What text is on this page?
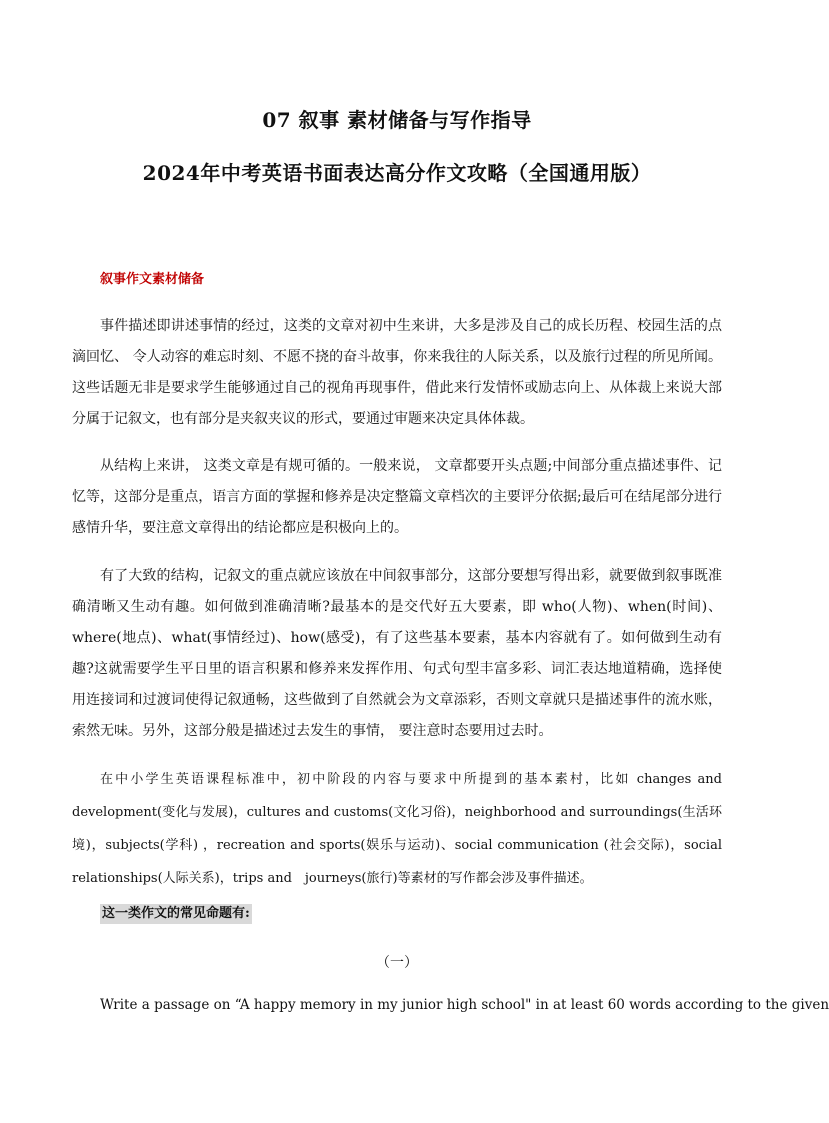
07 叙事 素材储备与写作指导
2024年中考英语书面表达高分作文攻略（全国通用版）
叙事作文素材储备

事件描述即讲述事情的经过，这类的文章对初中生来讲，大多是涉及自己的成长历程、校园生活的点滴回忆、 令人动容的难忘时刻、不愿不挠的奋斗故事，你来我往的人际关系，以及旅行过程的所见所闻。这些话题无非是要求学生能够通过自己的视角再现事件，借此来行发情怀或励志向上、从体裁上来说大部分属于记叙文，也有部分是夹叙夹议的形式，要通过审题来决定具体体裁。

从结构上来讲， 这类文章是有规可循的。一般来说， 文章都要开头点题;中间部分重点描述事件、记忆等，这部分是重点，语言方面的掌握和修养是决定整篇文章档次的主要评分依据;最后可在结尾部分进行感情升华，要注意文章得出的结论都应是积极向上的。

有了大致的结构，记叙文的重点就应该放在中间叙事部分，这部分要想写得出彩，就要做到叙事既准确清晰又生动有趣。如何做到准确清晰?最基本的是交代好五大要素，即 who(人物)、when(时间)、where(地点)、what(事情经过)、how(感受)，有了这些基本要素，基本内容就有了。如何做到生动有趣?这就需要学生平日里的语言积累和修养来发挥作用、句式句型丰富多彩、词汇表达地道精确，选择使用连接词和过渡词使得记叙通畅，这些做到了自然就会为文章添彩，否则文章就只是描述事件的流水账，索然无味。另外，这部分般是描述过去发生的事情， 要注意时态要用过去时。

在中小学生英语课程标准中，初中阶段的内容与要求中所提到的基本素村，比如 changes and development(变化与发展)，cultures and customs(文化习俗)，neighborhood and surroundings(生活环境)，subjects(学科) ，recreation and sports(娱乐与运动)、social communication (社会交际)，social relationships(人际关系)，trips and　journeys(旅行)等素材的写作都会涉及事件描述。

这一类作文的常见命题有:
（一）
Write a passage on “A happy memory in my junior high school" in at least 60 words according to the given
